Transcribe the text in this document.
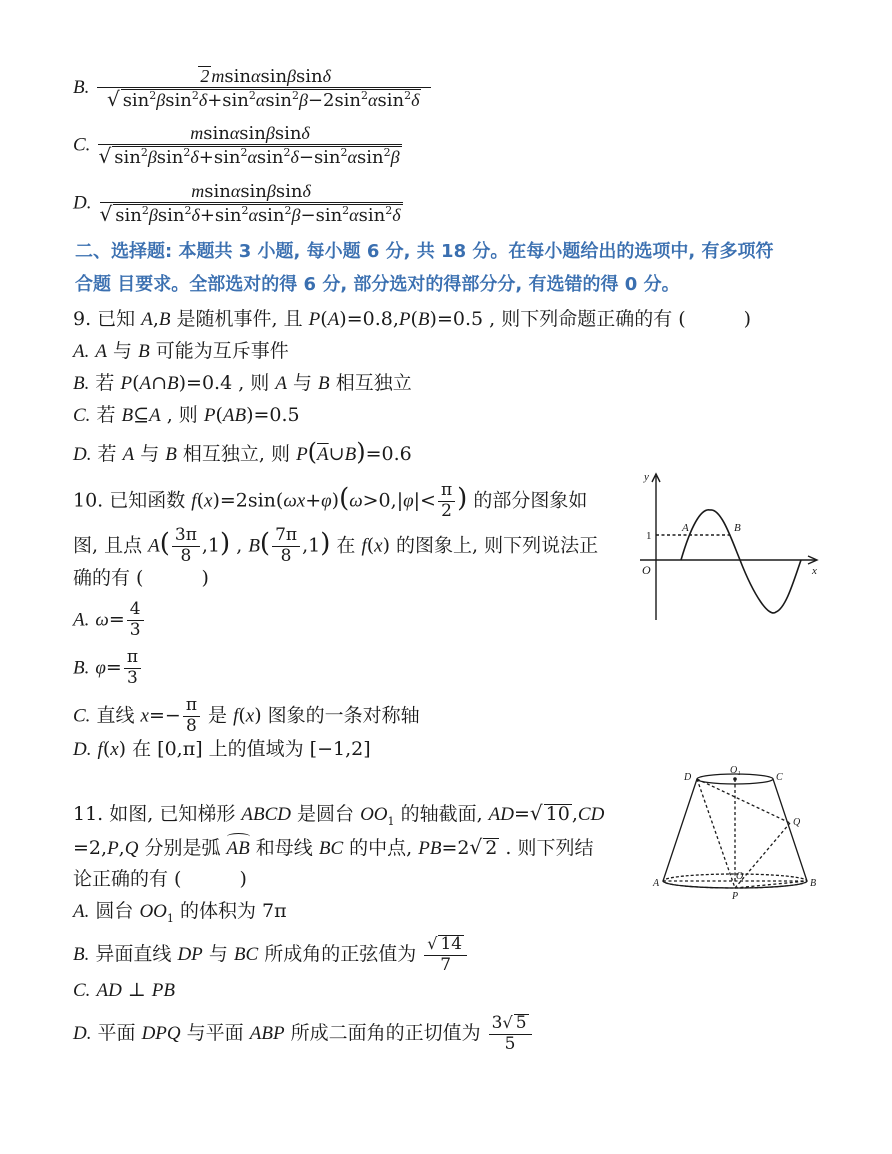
B. $\frac{2 msin\alpha\sin\beta\sin\delta}{√ \sin^2\beta\sin^2\delta+\sin^2\alpha\sin^2\beta-2\sin^2\alpha\sin^2\delta}$
C. $\frac{msin\alpha\sin\beta\sin\delta}{√ \sin^2\beta\sin^2\delta+\sin^2\alpha\sin^2\delta-\sin^2\alpha\sin^2\beta}$
D. $\frac{msin\alpha\sin\beta\sin\delta}{√ \sin^2\beta\sin^2\delta+\sin^2\alpha\sin^2\beta-\sin^2\alpha\sin^2\delta}$
二、选择题: 本题共 3 小题, 每小题 6 分, 共 18 分。在每小题给出的选项中, 有多项符
合题 目要求。全部选对的得 6 分, 部分选对的得部分分, 有选错的得 0 分。
9. 已知 A,B 是随机事件, 且 P(A)=0.8,P(B)=0.5 , 则下列命题正确的有 (	)
A. A 与 B 可能为互斥事件
B. 若 P(A∩B)=0.4 , 则 A 与 B 相互独立
C. 若 B⊆A , 则 P(AB)=0.5
D. 若 A 与 B 相互独立, 则 $P(\overline{A}\cup B)=0.6$
10. 已知函数 $f(x)=2\sin(\omega x+\varphi)(\omega>0,|\varphi|< \frac{\pi}{2}$ ) 的部分图象如
图, 且点 $A( \frac{3\pi}{8} ,1)$ , $B( \frac{7\pi}{8} ,1)$ 在 f(x) 的图象上, 则下列说法正
确的有 (	)
A. $\omega= \frac{4}{3}$
B. $\varphi= \frac{\pi}{3}$
C. 直线 $x=- \frac{\pi}{8}$ 是 f(x) 图象的一条对称轴
D. f(x) 在 [0,π] 上的值域为 [−1,2]
y
x
O
1
A	B
11. 如图, 已知梯形 ABCD 是圆台 $OO_1$ 的轴截面, AD=√ 10 ,CD
=2,P,Q 分别是弧 AB 和母线 BC 的中点, PB=2√ 2 . 则下列结
论正确的有 (	)
A. 圆台 $OO_1$ 的体积为 7π
B. 异面直线 DP 与 BC 所成角的正弦值为 $\frac{√ 14}{7}$
C. AD ⊥ PB
D. 平面 DPQ 与平面 ABP 所成二面角的正切值为 $\frac{3√ 5}{5}$
D
O₁
C
Q
A
O
P
B
